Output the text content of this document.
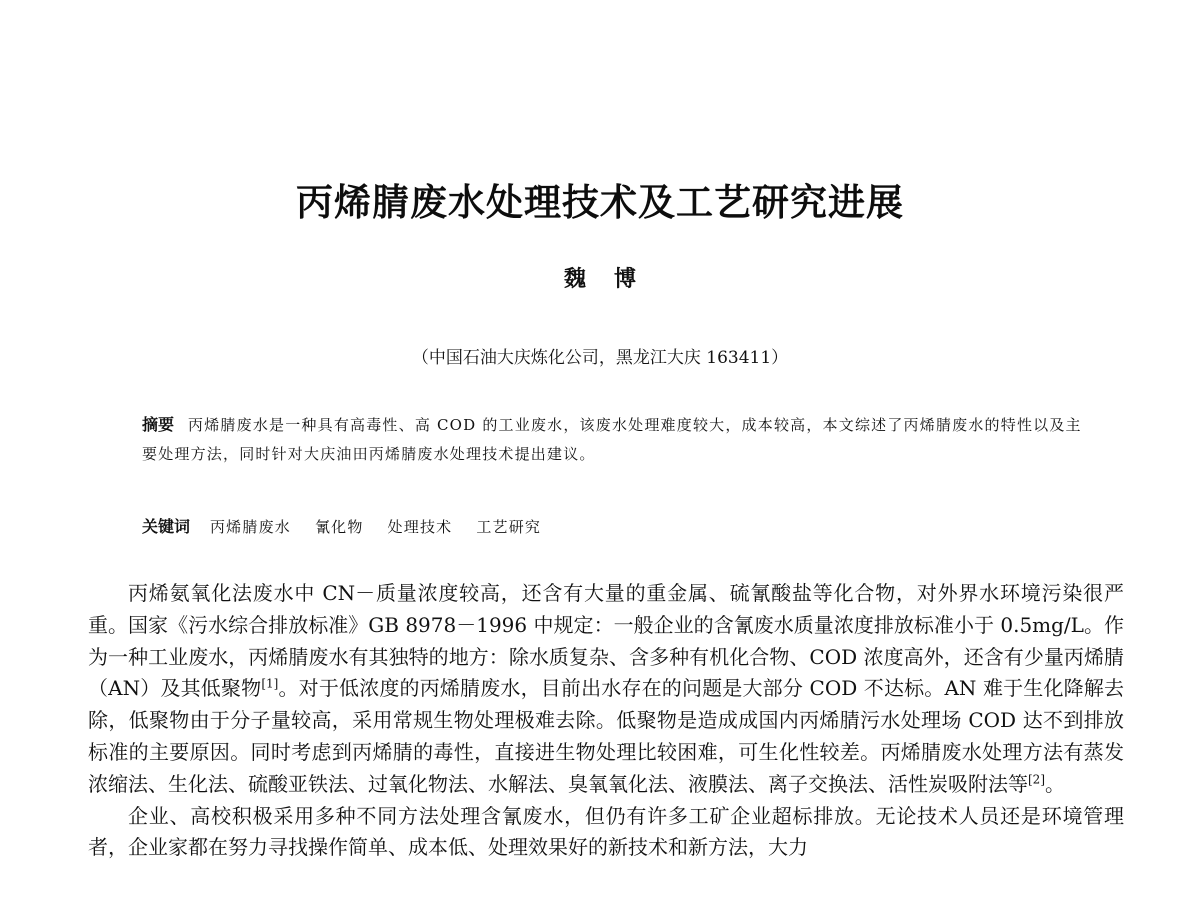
丙烯腈废水处理技术及工艺研究进展
魏博
（中国石油大庆炼化公司，黑龙江大庆 163411）
摘要 丙烯腈废水是一种具有高毒性、高 COD 的工业废水，该废水处理难度较大，成本较高，本文综述了丙烯腈废水的特性以及主要处理方法，同时针对大庆油田丙烯腈废水处理技术提出建议。
关键词 丙烯腈废水 氰化物 处理技术 工艺研究

丙烯氨氧化法废水中 CN－质量浓度较高，还含有大量的重金属、硫氰酸盐等化合物，对外界水环境污染很严重。国家《污水综合排放标准》GB 8978－1996 中规定：一般企业的含氰废水质量浓度排放标准小于 0.5mg/L。作为一种工业废水，丙烯腈废水有其独特的地方：除水质复杂、含多种有机化合物、COD 浓度高外，还含有少量丙烯腈（AN）及其低聚物[1]。对于低浓度的丙烯腈废水，目前出水存在的问题是大部分 COD 不达标。AN 难于生化降解去除，低聚物由于分子量较高，采用常规生物处理极难去除。低聚物是造成成国内丙烯腈污水处理场 COD 达不到排放标准的主要原因。同时考虑到丙烯腈的毒性，直接进生物处理比较困难，可生化性较差。丙烯腈废水处理方法有蒸发浓缩法、生化法、硫酸亚铁法、过氧化物法、水解法、臭氧氧化法、液膜法、离子交换法、活性炭吸附法等[2]。

企业、高校积极采用多种不同方法处理含氰废水，但仍有许多工矿企业超标排放。无论技术人员还是环境管理者，企业家都在努力寻找操作简单、成本低、处理效果好的新技术和新方法，大力
